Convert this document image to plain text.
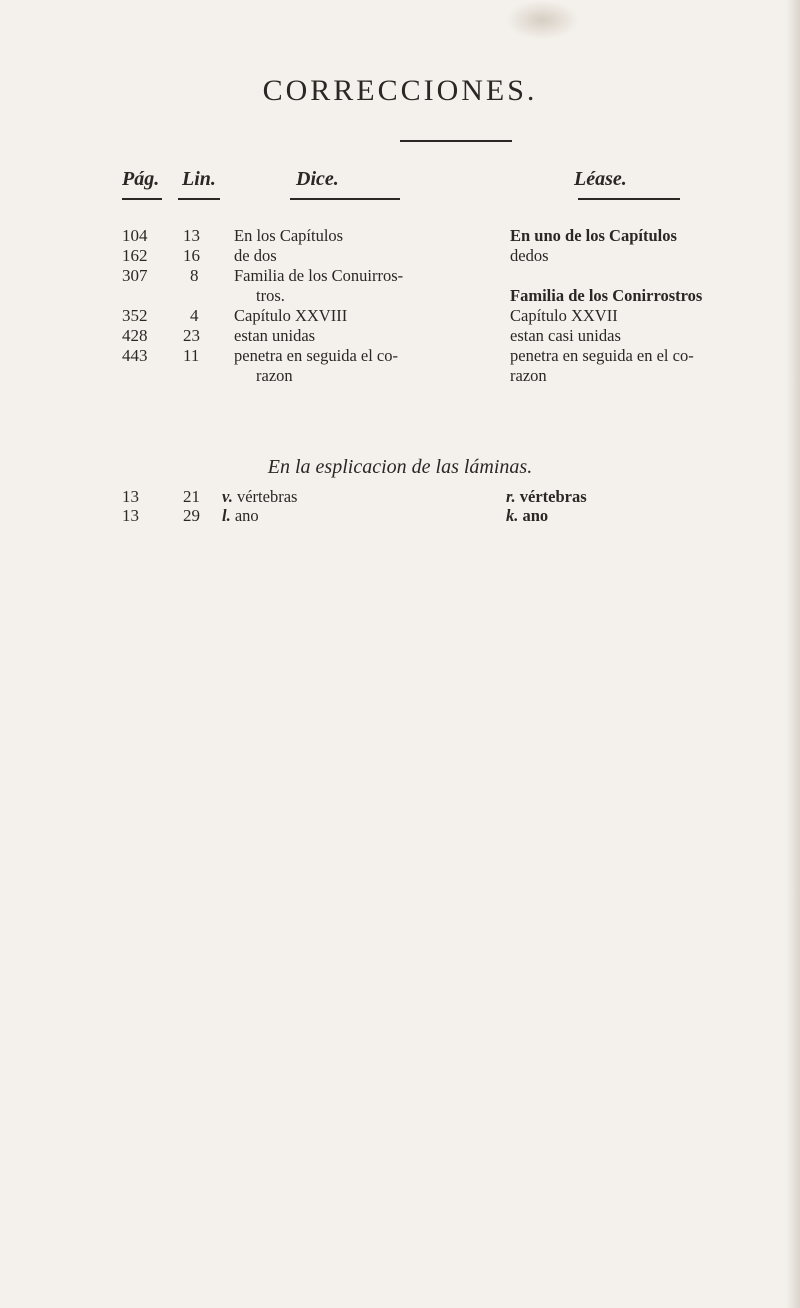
CORRECCIONES.
Pág. Lin.	Dice.	Léase.
104 13 En los Capítulos	En uno de los Capítulos
162 16 de dos	dedos
307	8 Familia de los Conuirros-
tros.	Familia de los Conirrostros
352	4 Capítulo XXVIII	Capítulo XXVII
428 23 estan unidas	estan casi unidas
443 11 penetra en seguida el co-	penetra en seguida en el co-
razon	razon
En la esplicacion de las láminas.
13	21 v. vértebras	r. vértebras
13	29 l. ano	k. ano
